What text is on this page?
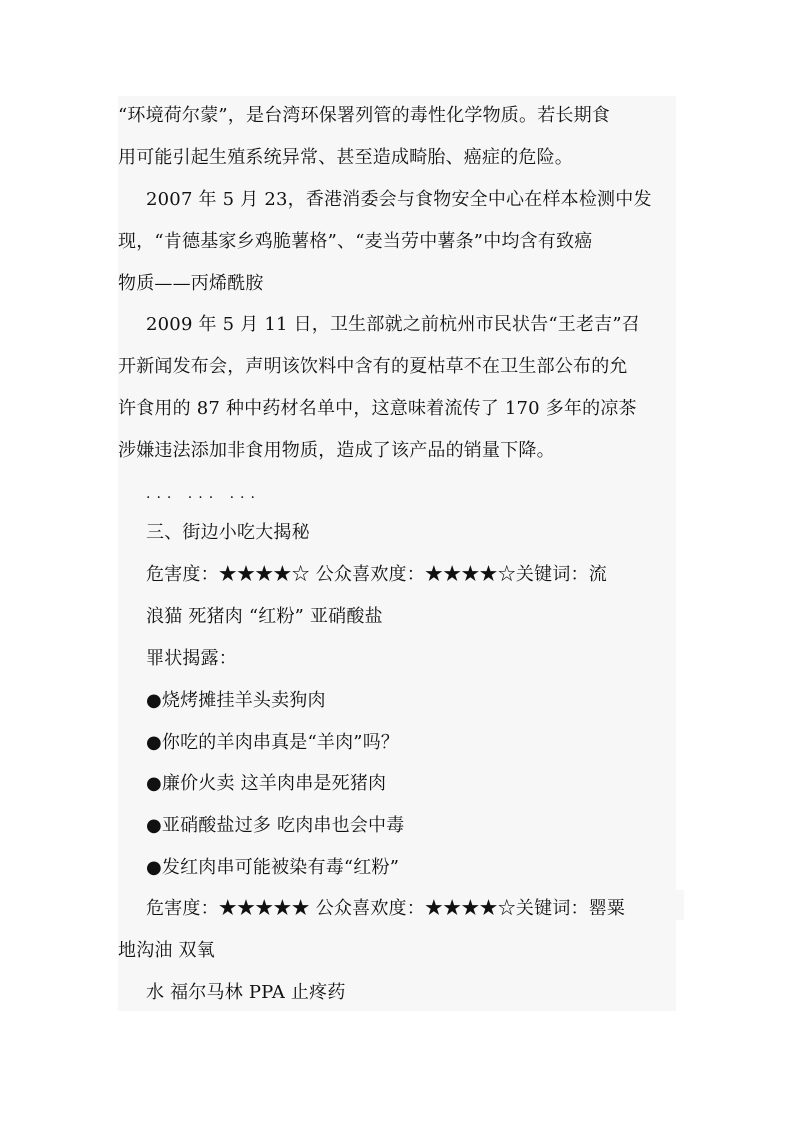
“环境荷尔蒙”，是台湾环保署列管的毒性化学物质。若长期食
用可能引起生殖系统异常、甚至造成畸胎、癌症的危险。
2007 年 5 月 23，香港消委会与食物安全中心在样本检测中发
现，“肯德基家乡鸡脆薯格”、“麦当劳中薯条”中均含有致癌
物质——丙烯酰胺
2009 年 5 月 11 日，卫生部就之前杭州市民状告“王老吉”召
开新闻发布会，声明该饮料中含有的夏枯草不在卫生部公布的允
许食用的 87 种中药材名单中，这意味着流传了 170 多年的凉茶
涉嫌违法添加非食用物质，造成了该产品的销量下降。
... ... ...
三、街边小吃大揭秘
危害度：★★★★☆ 公众喜欢度：★★★★☆关键词：流
浪猫 死猪肉 “红粉” 亚硝酸盐
罪状揭露：
●烧烤摊挂羊头卖狗肉
●你吃的羊肉串真是“羊肉”吗？
●廉价火卖 这羊肉串是死猪肉
●亚硝酸盐过多 吃肉串也会中毒
●发红肉串可能被染有毒“红粉”
危害度：★★★★★ 公众喜欢度：★★★★☆关键词：罂粟
地沟油 双氧
水 福尔马林 PPA 止疼药
